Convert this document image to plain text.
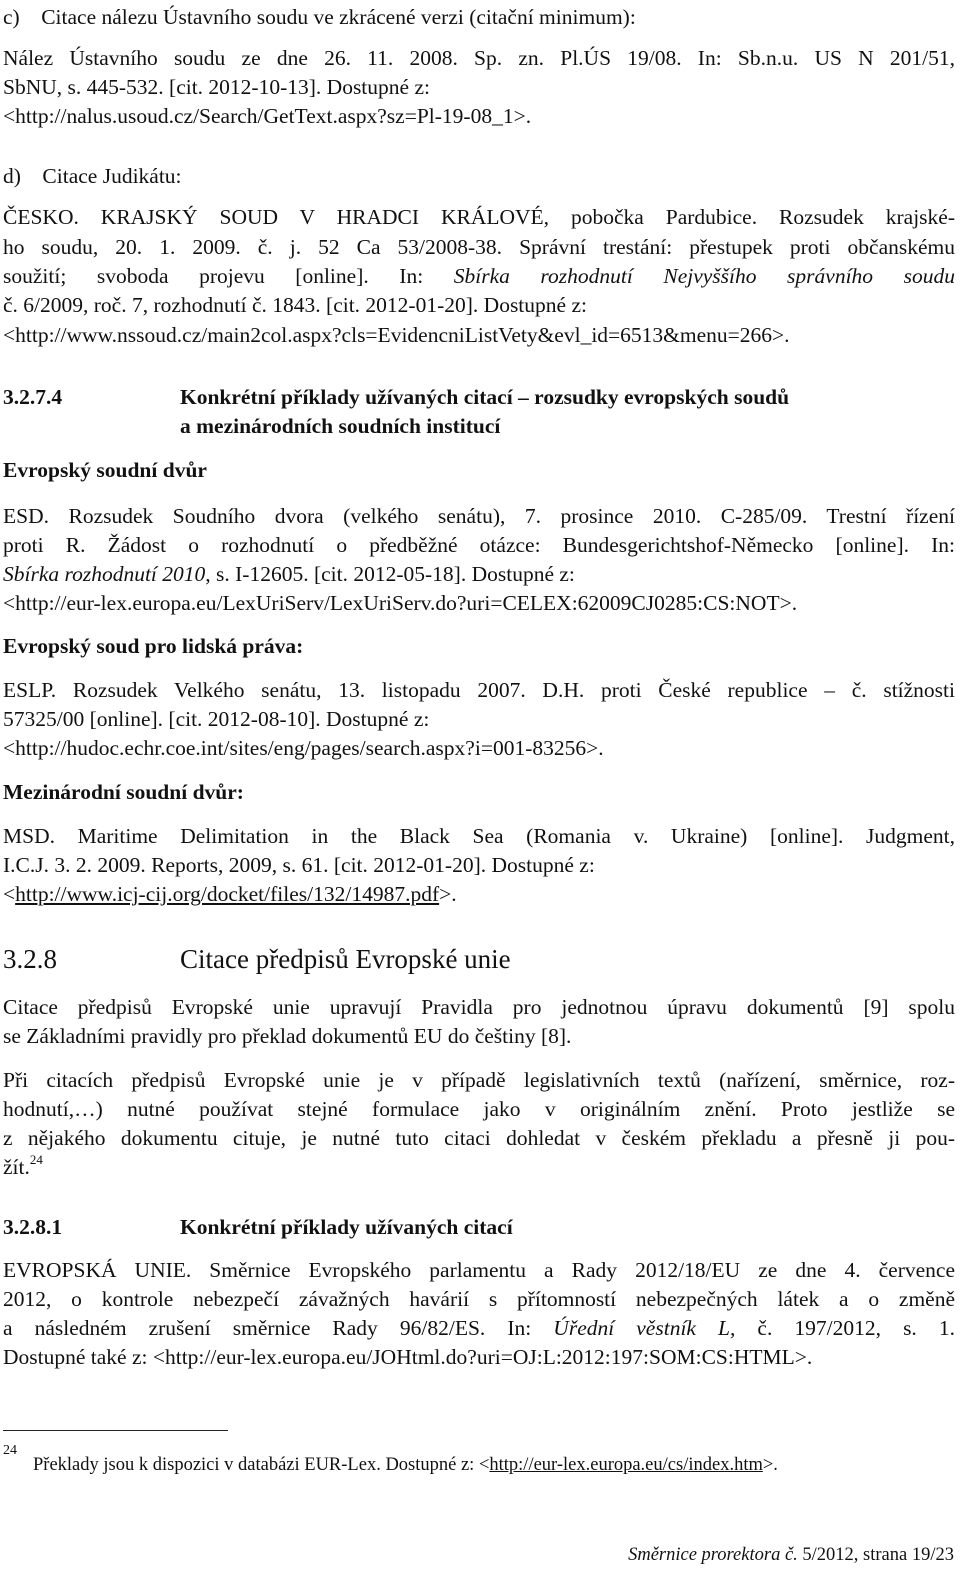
c)    Citace nálezu Ústavního soudu ve zkrácené verzi (citační minimum):
Nález Ústavního soudu ze dne 26. 11. 2008. Sp. zn. Pl.ÚS 19/08. In: Sb.n.u. US N 201/51,
SbNU, s. 445-532. [cit. 2012-10-13]. Dostupné z:
<http://nalus.usoud.cz/Search/GetText.aspx?sz=Pl-19-08_1>.
d)    Citace Judikátu:
ČESKO. KRAJSKÝ SOUD V HRADCI KRÁLOVÉ, pobočka Pardubice. Rozsudek krajské-
ho soudu, 20. 1. 2009. č. j. 52 Ca 53/2008-38. Správní trestání: přestupek proti občanskému
soužití; svoboda projevu [online]. In: Sbírka rozhodnutí Nejvyššího správního soudu
č. 6/2009, roč. 7, rozhodnutí č. 1843. [cit. 2012-01-20]. Dostupné z:
<http://www.nssoud.cz/main2col.aspx?cls=EvidencniListVety&evl_id=6513&menu=266>.
3.2.7.4	Konkrétní příklady užívaných citací – rozsudky evropských soudů
a mezinárodních soudních institucí
Evropský soudní dvůr
ESD. Rozsudek Soudního dvora (velkého senátu), 7. prosince 2010. C-285/09. Trestní řízení
proti R. Žádost o rozhodnutí o předběžné otázce: Bundesgerichtshof-Německo [online]. In:
Sbírka rozhodnutí 2010, s. I-12605. [cit. 2012-05-18]. Dostupné z:
<http://eur-lex.europa.eu/LexUriServ/LexUriServ.do?uri=CELEX:62009CJ0285:CS:NOT>.
Evropský soud pro lidská práva:
ESLP. Rozsudek Velkého senátu, 13. listopadu 2007. D.H. proti České republice – č. stížnosti
57325/00 [online]. [cit. 2012-08-10]. Dostupné z:
<http://hudoc.echr.coe.int/sites/eng/pages/search.aspx?i=001-83256>.
Mezinárodní soudní dvůr:
MSD. Maritime Delimitation in the Black Sea (Romania v. Ukraine) [online]. Judgment,
I.C.J. 3. 2. 2009. Reports, 2009, s. 61. [cit. 2012-01-20]. Dostupné z:
<http://www.icj-cij.org/docket/files/132/14987.pdf>.
3.2.8	Citace předpisů Evropské unie
Citace předpisů Evropské unie upravují Pravidla pro jednotnou úpravu dokumentů [9] spolu
se Základními pravidly pro překlad dokumentů EU do češtiny [8].
Při citacích předpisů Evropské unie je v případě legislativních textů (nařízení, směrnice, roz-
hodnutí,…) nutné používat stejné formulace jako v originálním znění. Proto jestliže se
z nějakého dokumentu cituje, je nutné tuto citaci dohledat v českém překladu a přesně ji pou-
žít.$^{24}$
3.2.8.1	Konkrétní příklady užívaných citací
EVROPSKÁ UNIE. Směrnice Evropského parlamentu a Rady 2012/18/EU ze dne 4. července
2012, o kontrole nebezpečí závažných havárií s přítomností nebezpečných látek a o změně
a následném zrušení směrnice Rady 96/82/ES. In: Úřední věstník L, č. 197/2012, s. 1.
Dostupné také z: <http://eur-lex.europa.eu/JOHtml.do?uri=OJ:L:2012:197:SOM:CS:HTML>.
24
Překlady jsou k dispozici v databázi EUR-Lex. Dostupné z: <http://eur-lex.europa.eu/cs/index.htm>.
Směrnice prorektora č. 5/2012, strana 19/23
